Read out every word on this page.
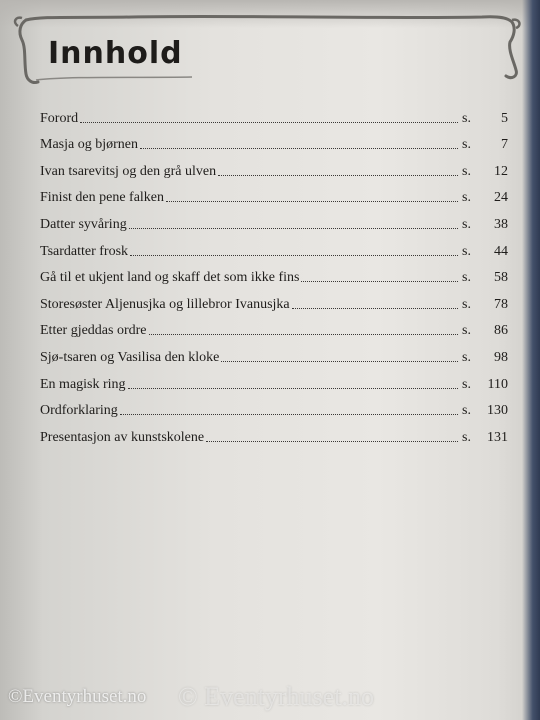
Innhold
Forord	s.	5
Masja og bjørnen	s.	7
Ivan tsarevitsj og den grå ulven	s.	12
Finist den pene falken	s.	24
Datter syvåring	s.	38
Tsardatter frosk	s.	44
Gå til et ukjent land og skaff det som ikke fins	s.	58
Storesøster Aljenusjka og lillebror Ivanusjka	s.	78
Etter gjeddas ordre	s.	86
Sjø-tsaren og Vasilisa den kloke	s.	98
En magisk ring	s.	110
Ordforklaring	s.	130
Presentasjon av kunstskolene	s.	131
©Eventyrhuset.no © Eventyrhuset.no
